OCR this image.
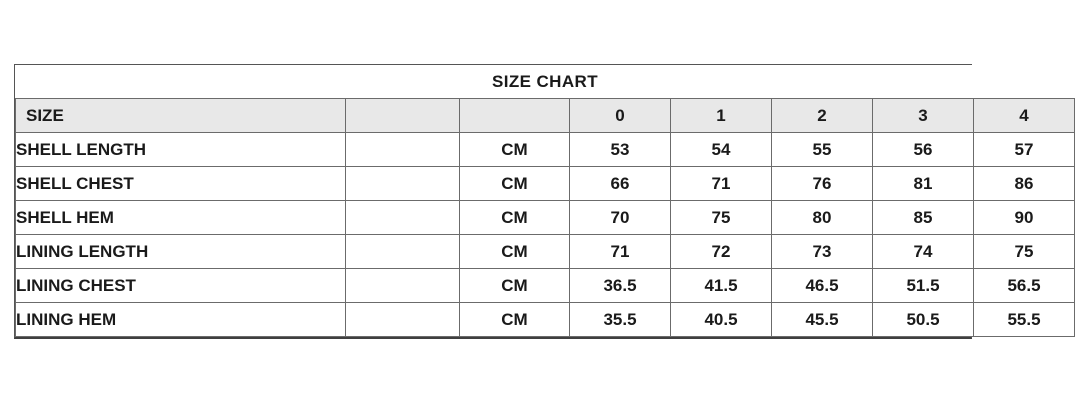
SIZE CHART							
SIZE			0	1	2	3	4
SHELL LENGTH		CM	53	54	55	56	57
SHELL CHEST		CM	66	71	76	81	86
SHELL HEM		CM	70	75	80	85	90
LINING LENGTH		CM	71	72	73	74	75
LINING CHEST		CM	36.5	41.5	46.5	51.5	56.5
LINING HEM		CM	35.5	40.5	45.5	50.5	55.5
